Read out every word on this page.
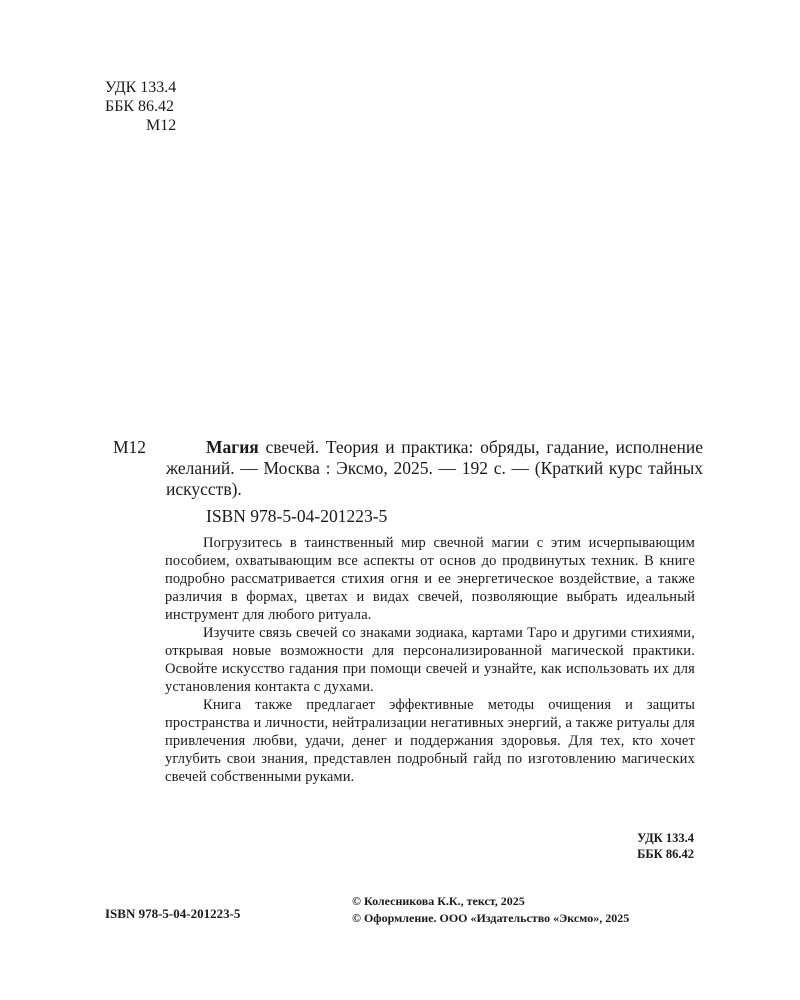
УДК 133.4
ББК 86.42
М12
М12	Магия свечей. Теория и практика: обряды, гадание, исполнение желаний. — Москва : Эксмо, 2025. — 192 с. — (Краткий курс тайных искусств).
ISBN 978-5-04-201223-5

Погрузитесь в таинственный мир свечной магии с этим исчерпывающим пособием, охватывающим все аспекты от основ до продвинутых техник. В книге подробно рассматривается стихия огня и ее энергетическое воздействие, а также различия в формах, цветах и видах свечей, позволяющие выбрать идеальный инструмент для любого ритуала.

Изучите связь свечей со знаками зодиака, картами Таро и другими стихиями, открывая новые возможности для персонализированной магической практики. Освойте искусство гадания при помощи свечей и узнайте, как использовать их для установления контакта с духами.

Книга также предлагает эффективные методы очищения и защиты пространства и личности, нейтрализации негативных энергий, а также ритуалы для привлечения любви, удачи, денег и поддержания здоровья. Для тех, кто хочет углубить свои знания, представлен подробный гайд по изготовлению магических свечей собственными руками.

УДК 133.4
ББК 86.42
ISBN 978-5-04-201223-5
© Колесникова К.К., текст, 2025
© Оформление. ООО «Издательство «Эксмо», 2025
